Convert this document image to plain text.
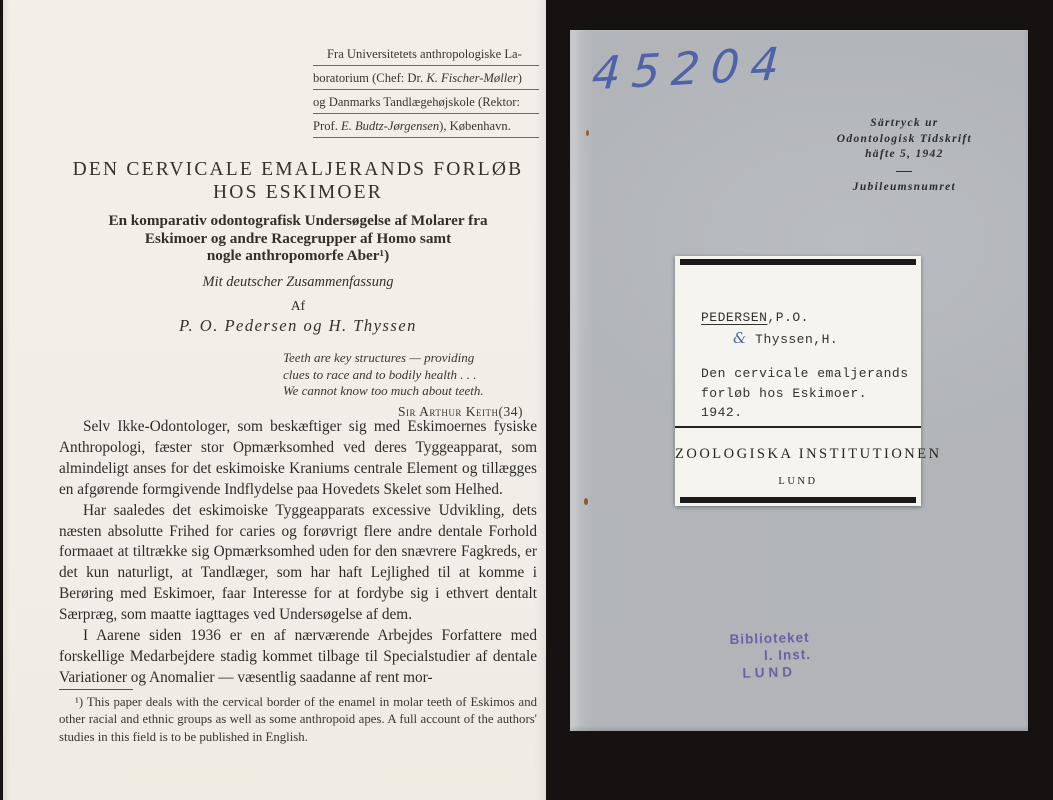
Fra Universitetets anthropologiske La-
boratorium (Chef: Dr. K. Fischer-Møller)
og Danmarks Tandlægehøjskole (Rektor:
Prof. E. Budtz-Jørgensen), København.
DEN CERVICALE EMALJERANDS FORLØB
HOS ESKIMOER
En komparativ odontografisk Undersøgelse af Molarer fra
Eskimoer og andre Racegrupper af Homo samt
nogle anthropomorfe Aber¹)
Mit deutscher Zusammenfassung
Af
P. O. Pedersen og H. Thyssen
Teeth are key structures — providing
clues to race and to bodily health . . .
We cannot know too much about teeth.
Sir Arthur Keith(34)

Selv Ikke-Odontologer, som beskæftiger sig med Eskimoernes fysiske Anthropologi, fæster stor Opmærksomhed ved deres Tyggeapparat, som almindeligt anses for det eskimoiske Kraniums centrale Element og tillægges en afgørende formgivende Indflydelse paa Hovedets Skelet som Helhed.

Har saaledes det eskimoiske Tyggeapparats excessive Udvikling, dets næsten absolutte Frihed for caries og forøvrigt flere andre dentale Forhold formaaet at tiltrække sig Opmærksomhed uden for den snævrere Fagkreds, er det kun naturligt, at Tandlæger, som har haft Lejlighed til at komme i Berøring med Eskimoer, faar Interesse for at fordybe sig i ethvert dentalt Særpræg, som maatte iagttages ved Undersøgelse af dem.

I Aarene siden 1936 er en af nærværende Arbejdes Forfattere med forskellige Medarbejdere stadig kommet tilbage til Specialstudier af dentale Variationer og Anomalier — væsentlig saadanne af rent mor-

¹) This paper deals with the cervical border of the enamel in molar teeth of Eskimos and other racial and ethnic groups as well as some anthropoid apes. A full account of the authors' studies in this field is to be published in English.
45204
Särtryck ur
Odontologisk Tidskrift
häfte 5, 1942
Jubileumsnumret
PEDERSEN,P.O.
& Thyssen,H.
Den cervicale emaljerands
forløb hos Eskimoer.
1942.
ZOOLOGISKA INSTITUTIONEN
LUND
Biblioteket
l. Inst.
LUND
